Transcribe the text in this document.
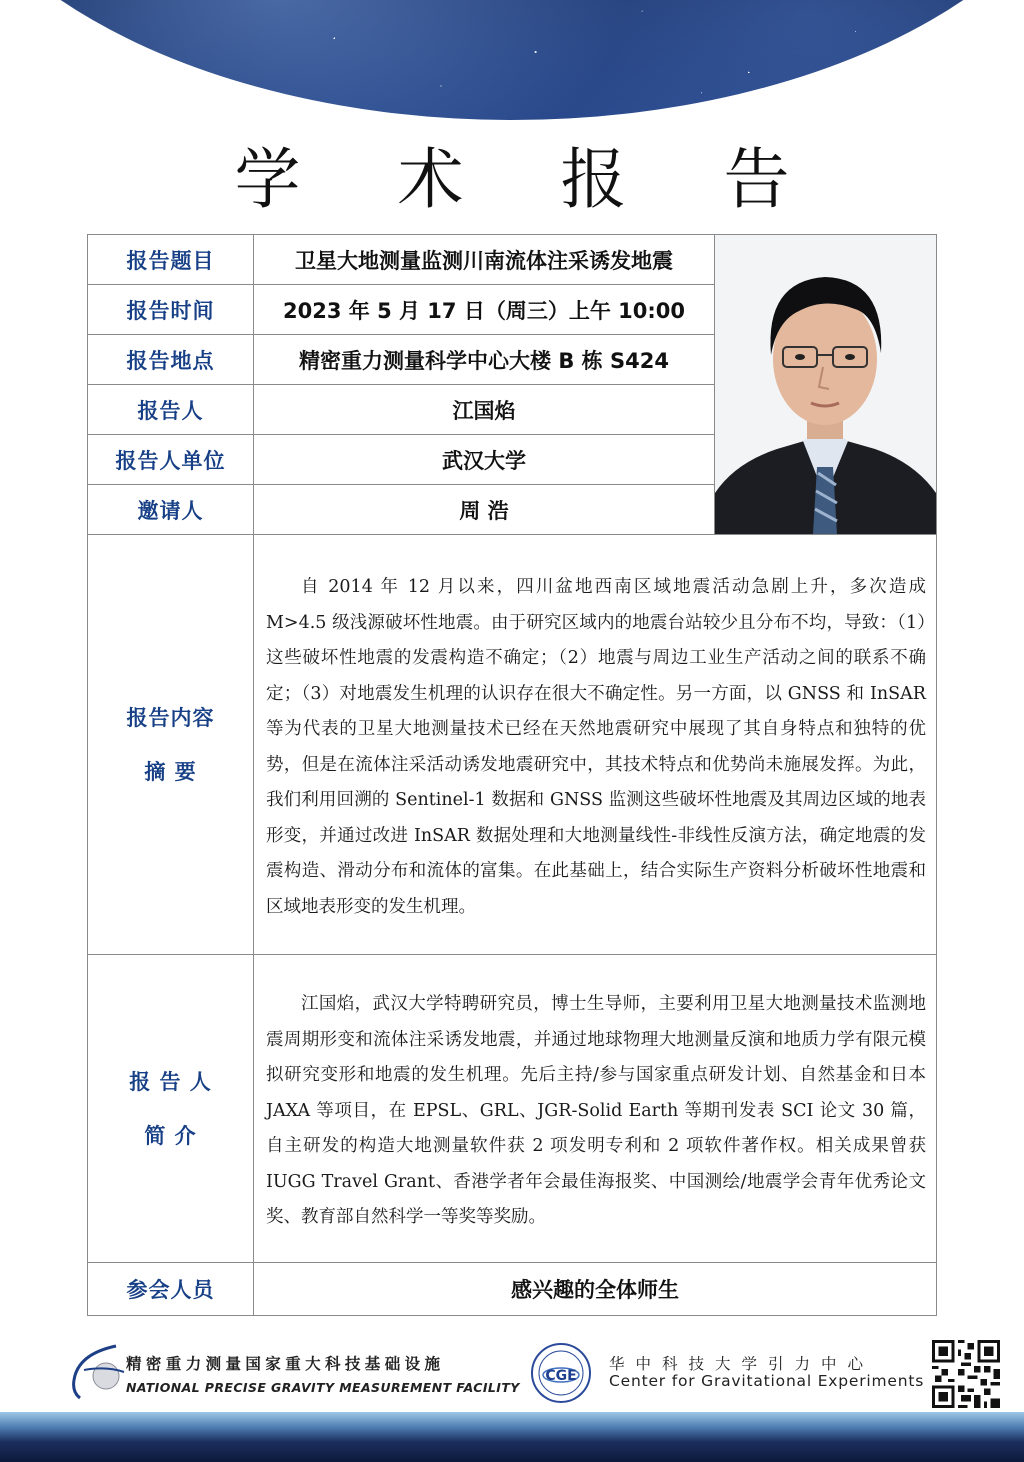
学 术 报 告
报告题目	卫星大地测量监测川南流体注采诱发地震	

报告时间	2023 年 5 月 17 日（周三）上午 10:00	
报告地点	精密重力测量科学中心大楼 B 栋 S424	
报告人	江国焰	
报告人单位	武汉大学	
邀请人	周 浩	

报告内容
摘 要	自 2014 年 12 月以来，四川盆地西南区域地震活动急剧上升，多次造成 M>4.5 级浅源破坏性地震。由于研究区域内的地震台站较少且分布不均，导致：（1）这些破坏性地震的发震构造不确定；（2）地震与周边工业生产活动之间的联系不确定；（3）对地震发生机理的认识存在很大不确定性。另一方面，以 GNSS 和 InSAR 等为代表的卫星大地测量技术已经在天然地震研究中展现了其自身特点和独特的优势，但是在流体注采活动诱发地震研究中，其技术特点和优势尚未施展发挥。为此，我们利用回溯的 Sentinel-1 数据和 GNSS 监测这些破坏性地震及其周边区域的地表形变，并通过改进 InSAR 数据处理和大地测量线性-非线性反演方法，确定地震的发震构造、滑动分布和流体的富集。在此基础上，结合实际生产资料分析破坏性地震和区域地表形变的发生机理。	

报 告 人
简 介	江国焰，武汉大学特聘研究员，博士生导师，主要利用卫星大地测量技术监测地震周期形变和流体注采诱发地震，并通过地球物理大地测量反演和地质力学有限元模拟研究变形和地震的发生机理。先后主持/参与国家重点研发计划、自然基金和日本 JAXA 等项目，在 EPSL、GRL、JGR-Solid Earth 等期刊发表 SCI 论文 30 篇，自主研发的构造大地测量软件获 2 项发明专利和 2 项软件著作权。相关成果曾获 IUGG Travel Grant、香港学者年会最佳海报奖、中国测绘/地震学会青年优秀论文奖、教育部自然科学一等奖等奖励。	

参会人员	感兴趣的全体师生	
精密重力测量国家重大科技基础设施
NATIONAL PRECISE GRAVITY MEASUREMENT FACILITY
CGE
华中科技大学引力中心
Center for Gravitational Experiments
